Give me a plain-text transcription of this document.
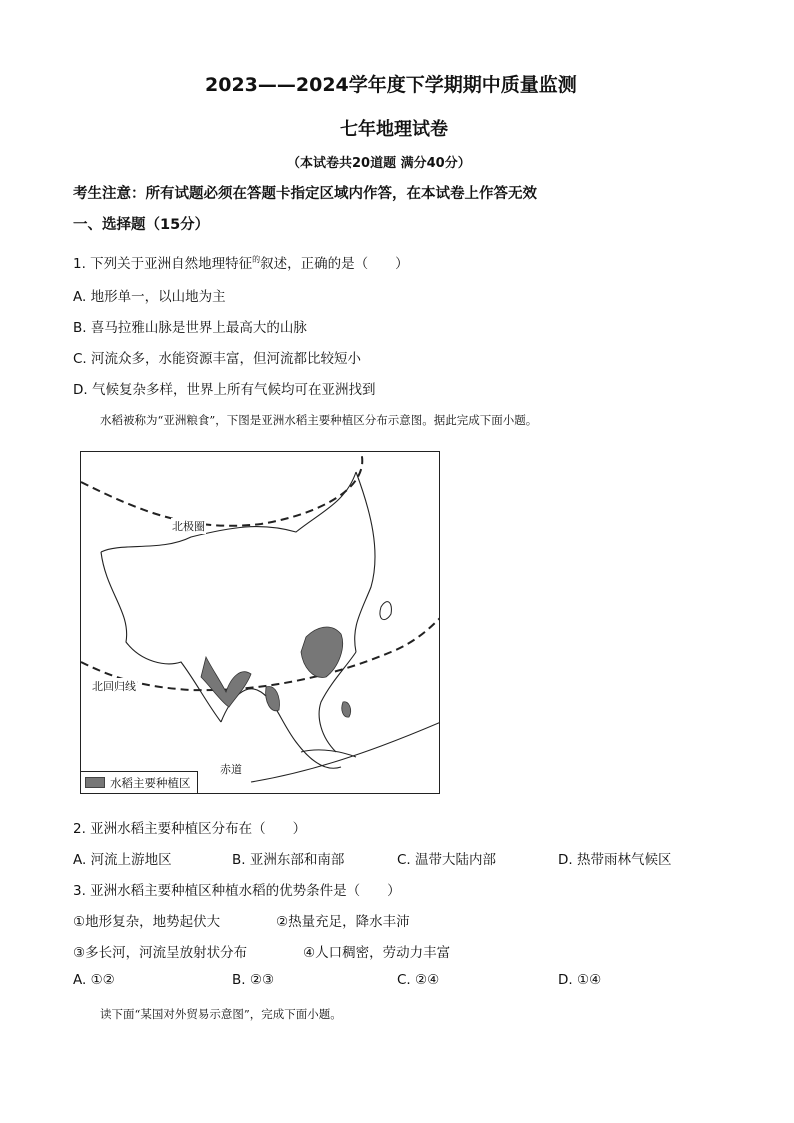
2023——2024学年度下学期期中质量监测
七年地理试卷
（本试卷共20道题 满分40分）
考生注意：所有试题必须在答题卡指定区域内作答，在本试卷上作答无效
一、选择题（15分）
1. 下列关于亚洲自然地理特征$^的$叙述，正确的是（　　）
A. 地形单一，以山地为主
B. 喜马拉雅山脉是世界上最高大的山脉
C. 河流众多，水能资源丰富，但河流都比较短小
D. 气候复杂多样，世界上所有气候均可在亚洲找到
水稻被称为“亚洲粮食”，下图是亚洲水稻主要种植区分布示意图。据此完成下面小题。
北极圈
北回归线
赤道
水稻主要种植区
2. 亚洲水稻主要种植区分布在（　　）
A. 河流上游地区	B. 亚洲东部和南部	C. 温带大陆内部	D. 热带雨林气候区
3. 亚洲水稻主要种植区种植水稻的优势条件是（　　）
①地形复杂，地势起伏大	②热量充足，降水丰沛
③多长河，河流呈放射状分布	④人口稠密，劳动力丰富
A. ①②	B. ②③	C. ②④	D. ①④
读下面“某国对外贸易示意图”，完成下面小题。
